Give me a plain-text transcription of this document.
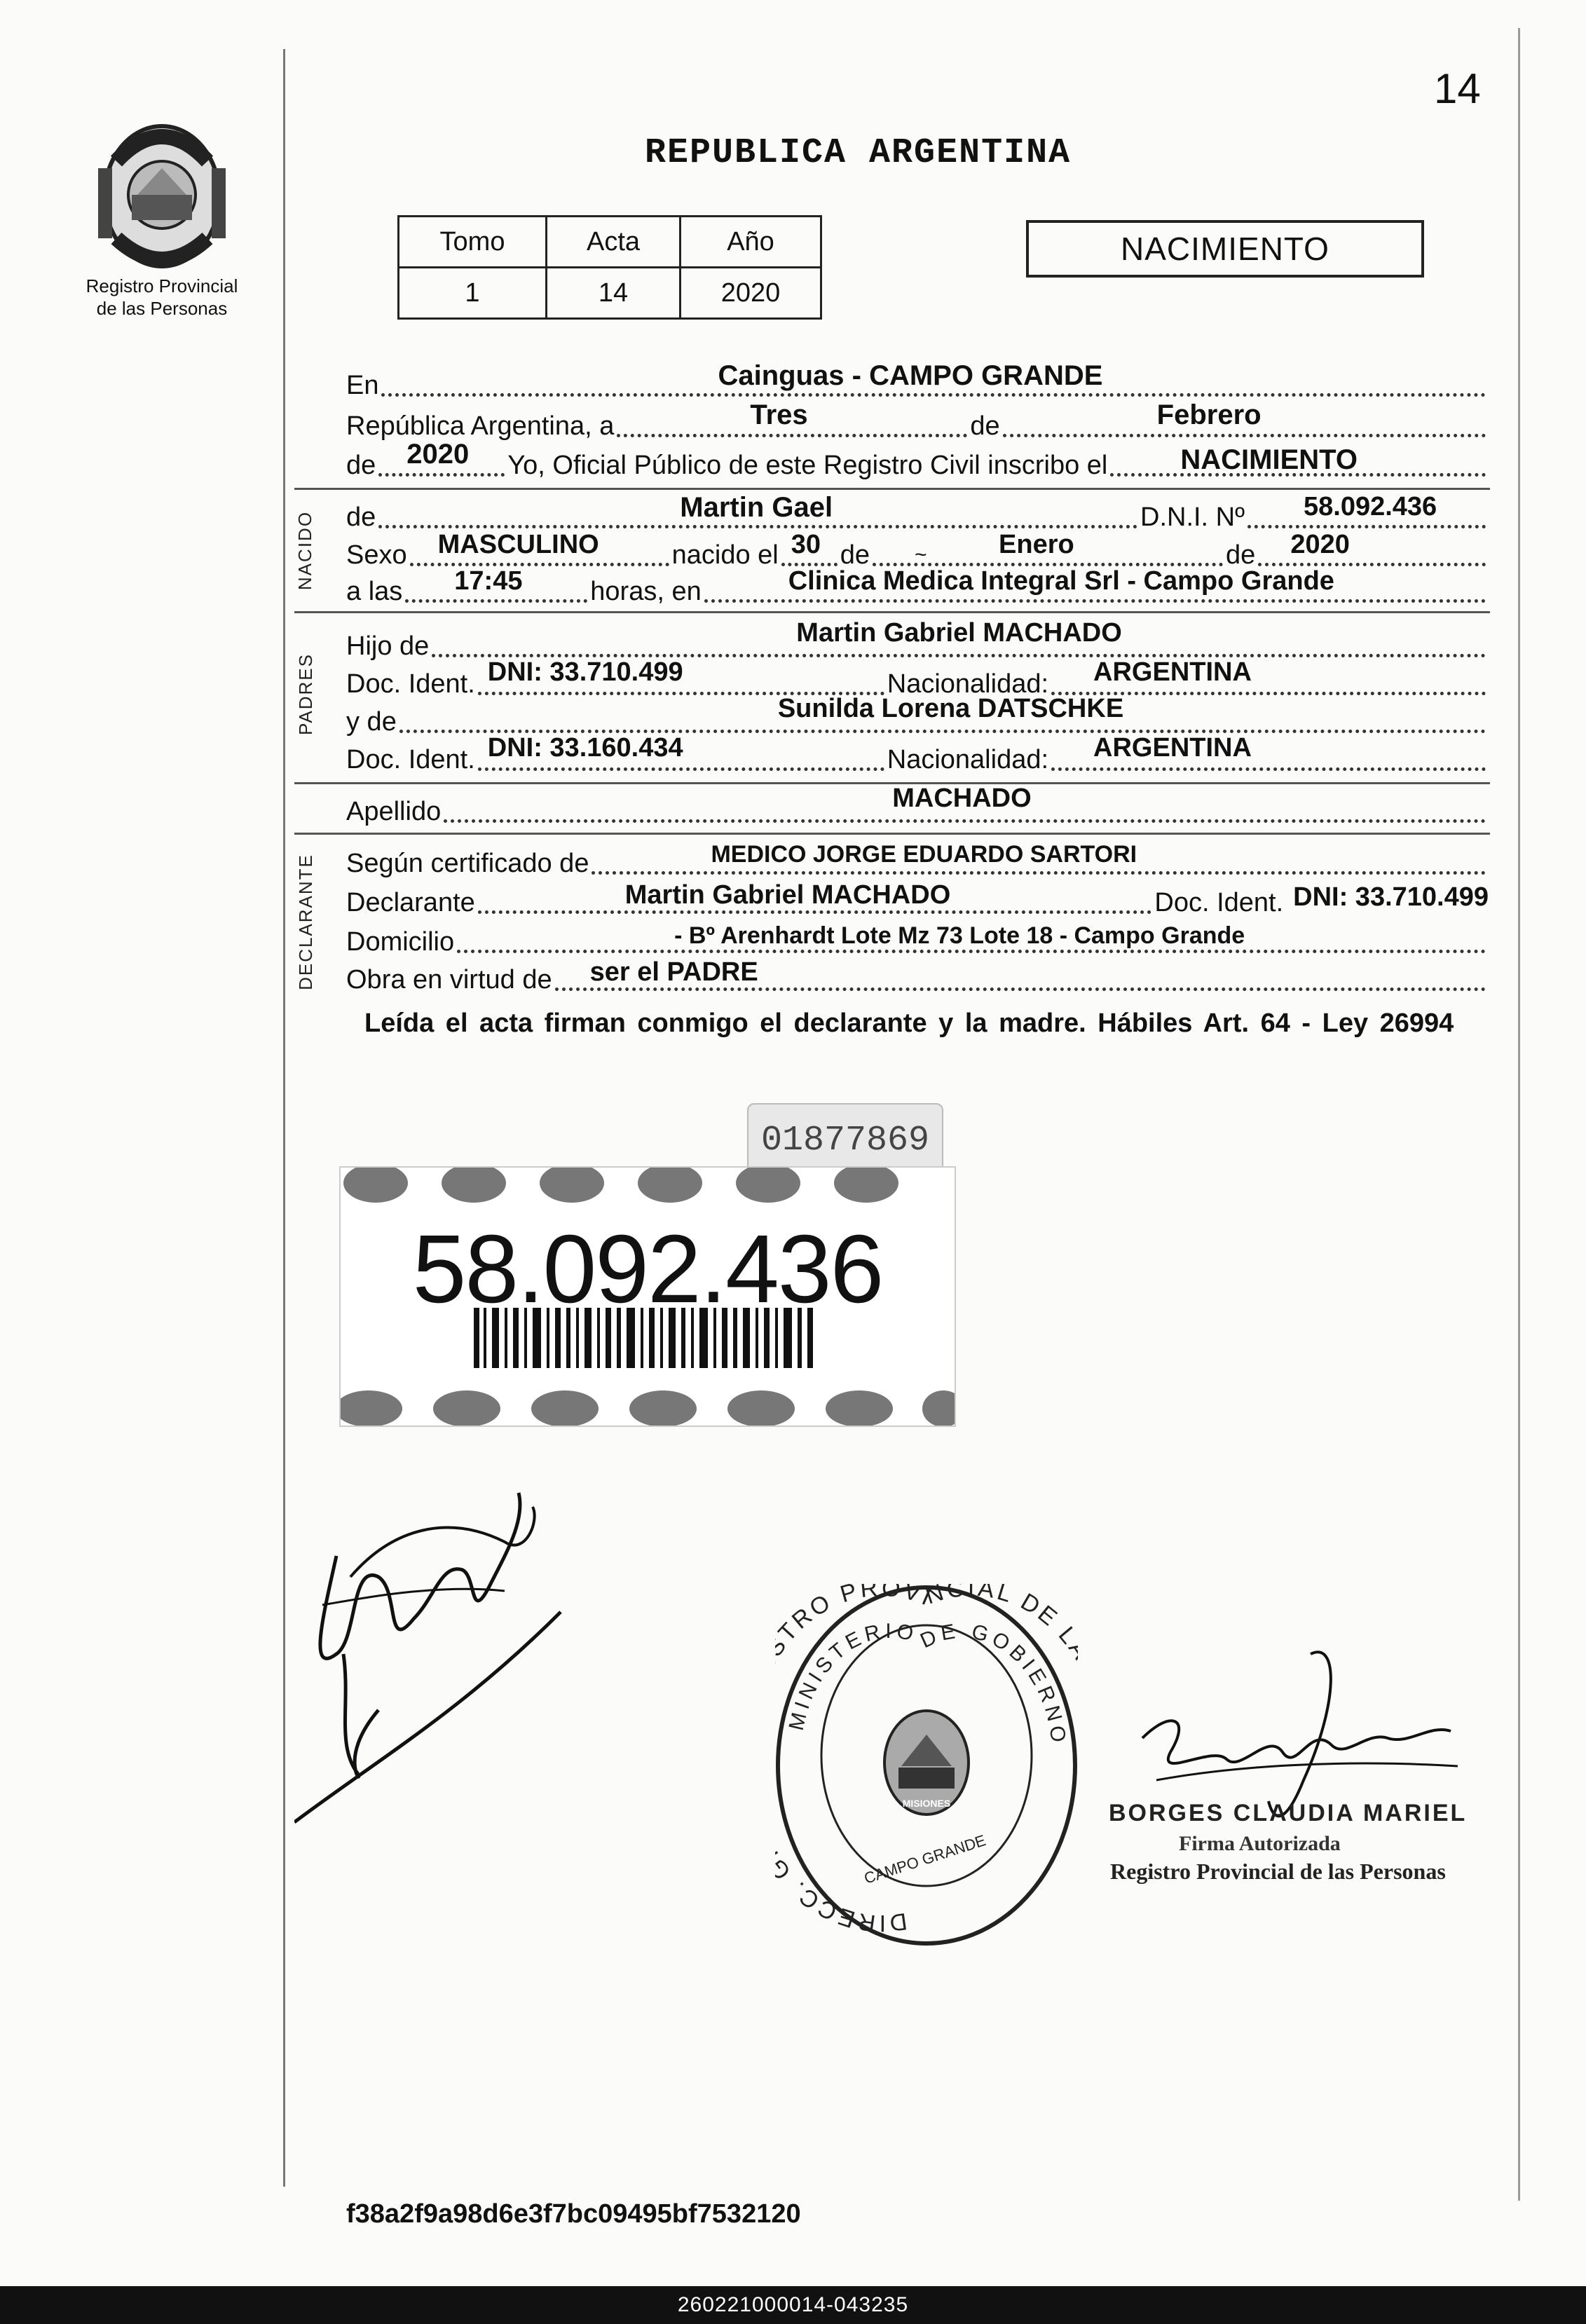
14
Registro Provincial
de las Personas
REPUBLICA ARGENTINA
Tomo	Acta	Año
1	14	2020
NACIMIENTO
En	Cainguas - CAMPO GRANDE
República Argentina, a	Tres	de	Febrero
de 2020 Yo, Oficial Público de este Registro Civil inscribo el	NACIMIENTO
NACIDO de	Martin Gael	D.N.I. Nº 58.092.436
Sexo MASCULINO	nacido el 30 de ~	Enero	de 2020
a las 17:45	horas, en	Clinica Medica Integral Srl - Campo Grande
PADRES
Hijo de	Martin Gabriel MACHADO
Doc. Ident. DNI: 33.710.499	Nacionalidad: ARGENTINA
y de	Sunilda Lorena DATSCHKE
Doc. Ident. DNI: 33.160.434	Nacionalidad: ARGENTINA
Apellido	MACHADO
DECLARANTE Según certificado de	MEDICO JORGE EDUARDO SARTORI
Declarante	Martin Gabriel MACHADO	Doc. Ident. DNI: 33.710.499
Domicilio	- Bº Arenhardt Lote Mz 73 Lote 18 - Campo Grande
Obra en virtud de ser el PADRE
Leída el acta firman conmigo el declarante y la madre. Hábiles Art. 64 - Ley 26994
01877869
58.092.436
DIRECC. TRO PROVINCIAL DE
MINISTERIO DE GOBIERNO
MISIONES
CAMPO GRANDE
BORGES CLAUDIA MARIEL
Firma Autorizada
Registro Provincial de las Personas
f38a2f9a98d6e3f7bc09495bf7532120
260221000014-043235
